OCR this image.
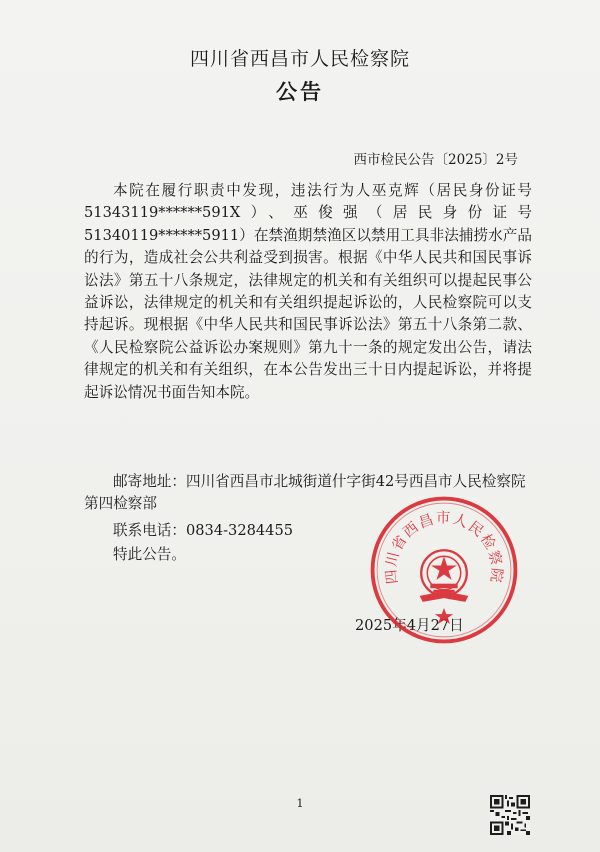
四川省西昌市人民检察院
公告

西市检民公告〔2025〕2号

本院在履行职责中发现，违法行为人巫克辉（居民身份证号 51343119******591X）、巫俊强（居民身份证号 51340119******5911）在禁渔期禁渔区以禁用工具非法捕捞水产品的行为，造成社会公共利益受到损害。根据《中华人民共和国民事诉讼法》第五十八条规定，法律规定的机关和有关组织可以提起民事公益诉讼，法律规定的机关和有关组织提起诉讼的，人民检察院可以支持起诉。现根据《中华人民共和国民事诉讼法》第五十八条第二款、《人民检察院公益诉讼办案规则》第九十一条的规定发出公告，请法律规定的机关和有关组织，在本公告发出三十日内提起诉讼，并将提起诉讼情况书面告知本院。

邮寄地址：四川省西昌市北城街道什字街42号西昌市人民检察院第四检察部

联系电话：0834-3284455

特此公告。

2025年4月27日

四川省西昌市人民检察院

1
